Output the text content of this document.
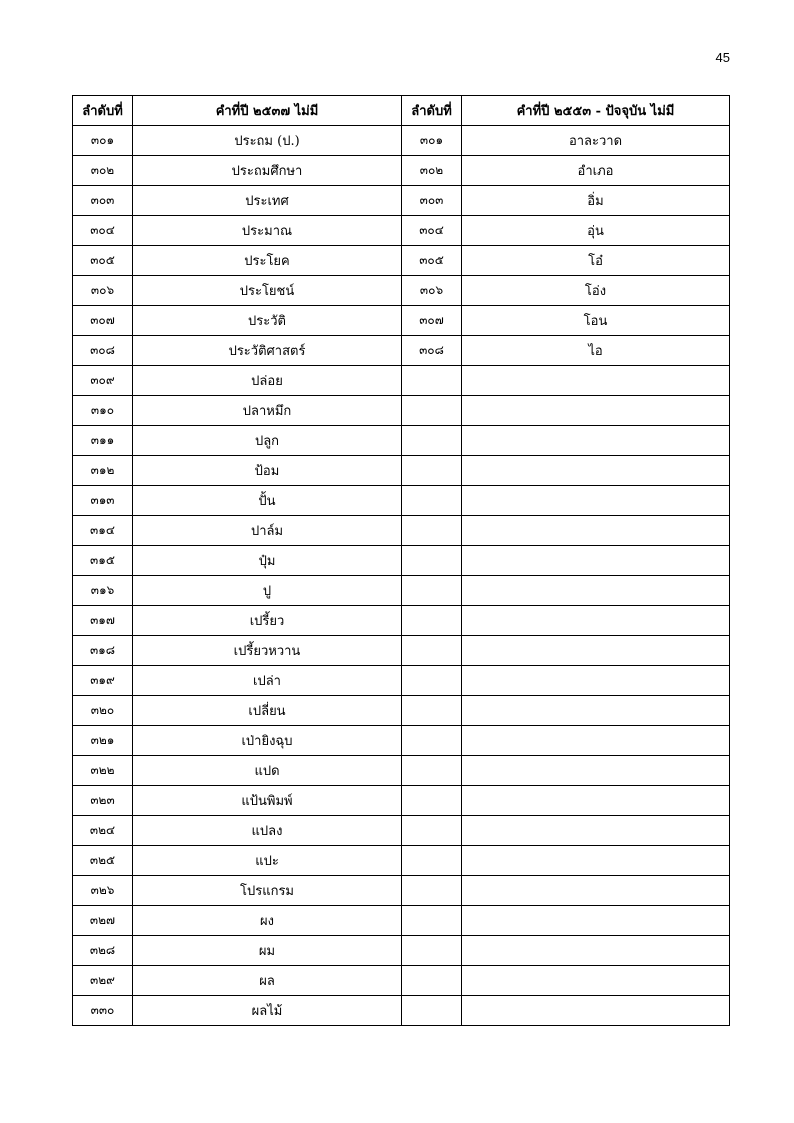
45
ลำดับที่	คำที่ปี ๒๕๓๗ ไม่มี	ลำดับที่	คำที่ปี ๒๕๕๓ - ปัจจุบัน ไม่มี
๓๐๑	ประถม (ป.)	๓๐๑	อาละวาด
๓๐๒	ประถมศึกษา	๓๐๒	อำเภอ
๓๐๓	ประเทศ	๓๐๓	อิ่ม
๓๐๔	ประมาณ	๓๐๔	อุ่น
๓๐๕	ประโยค	๓๐๕	โอ๋
๓๐๖	ประโยชน์	๓๐๖	โอ่ง
๓๐๗	ประวัติ	๓๐๗	โอน
๓๐๘	ประวัติศาสตร์	๓๐๘	ไอ
๓๐๙	ปล่อย		
๓๑๐	ปลาหมึก		
๓๑๑	ปลูก		
๓๑๒	ป้อม		
๓๑๓	ปั้น		
๓๑๔	ปาล์ม		
๓๑๕	ปุ๋ม		
๓๑๖	ปู		
๓๑๗	เปรี้ยว		
๓๑๘	เปรี้ยวหวาน		
๓๑๙	เปล่า		
๓๒๐	เปลี่ยน		
๓๒๑	เป่ายิงฉุบ		
๓๒๒	แปด		
๓๒๓	แป้นพิมพ์		
๓๒๔	แปลง		
๓๒๕	แปะ		
๓๒๖	โปรแกรม		
๓๒๗	ผง		
๓๒๘	ผม		
๓๒๙	ผล		
๓๓๐	ผลไม้		
